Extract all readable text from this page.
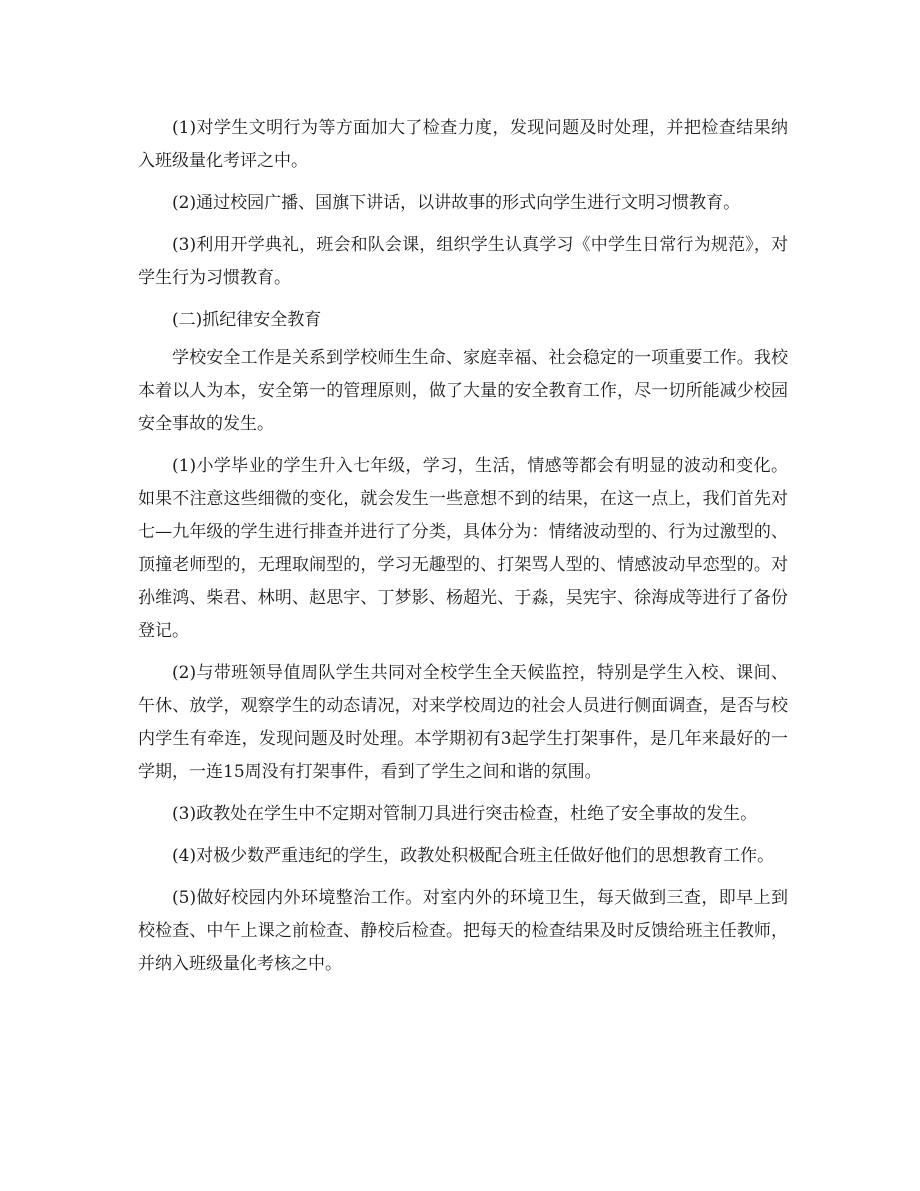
(1)对学生文明行为等方面加大了检查力度，发现问题及时处理，并把检查结果纳入班级量化考评之中。

(2)通过校园广播、国旗下讲话，以讲故事的形式向学生进行文明习惯教育。

(3)利用开学典礼，班会和队会课，组织学生认真学习《中学生日常行为规范》，对学生行为习惯教育。

(二)抓纪律安全教育

学校安全工作是关系到学校师生生命、家庭幸福、社会稳定的一项重要工作。我校本着以人为本，安全第一的管理原则，做了大量的安全教育工作，尽一切所能减少校园安全事故的发生。

(1)小学毕业的学生升入七年级，学习，生活，情感等都会有明显的波动和变化。如果不注意这些细微的变化，就会发生一些意想不到的结果，在这一点上，我们首先对七—九年级的学生进行排查并进行了分类，具体分为：情绪波动型的、行为过激型的、顶撞老师型的，无理取闹型的，学习无趣型的、打架骂人型的、情感波动早恋型的。对孙维鸿、柴君、林明、赵思宇、丁梦影、杨超光、于淼，吴宪宇、徐海成等进行了备份登记。

(2)与带班领导值周队学生共同对全校学生全天候监控，特别是学生入校、课间、午休、放学，观察学生的动态请况，对来学校周边的社会人员进行侧面调查，是否与校内学生有牵连，发现问题及时处理。本学期初有3起学生打架事件，是几年来最好的一学期，一连15周没有打架事件，看到了学生之间和谐的氛围。

(3)政教处在学生中不定期对管制刀具进行突击检查，杜绝了安全事故的发生。

(4)对极少数严重违纪的学生，政教处积极配合班主任做好他们的思想教育工作。

(5)做好校园内外环境整治工作。对室内外的环境卫生，每天做到三查，即早上到校检查、中午上课之前检查、静校后检查。把每天的检查结果及时反馈给班主任教师，并纳入班级量化考核之中。
